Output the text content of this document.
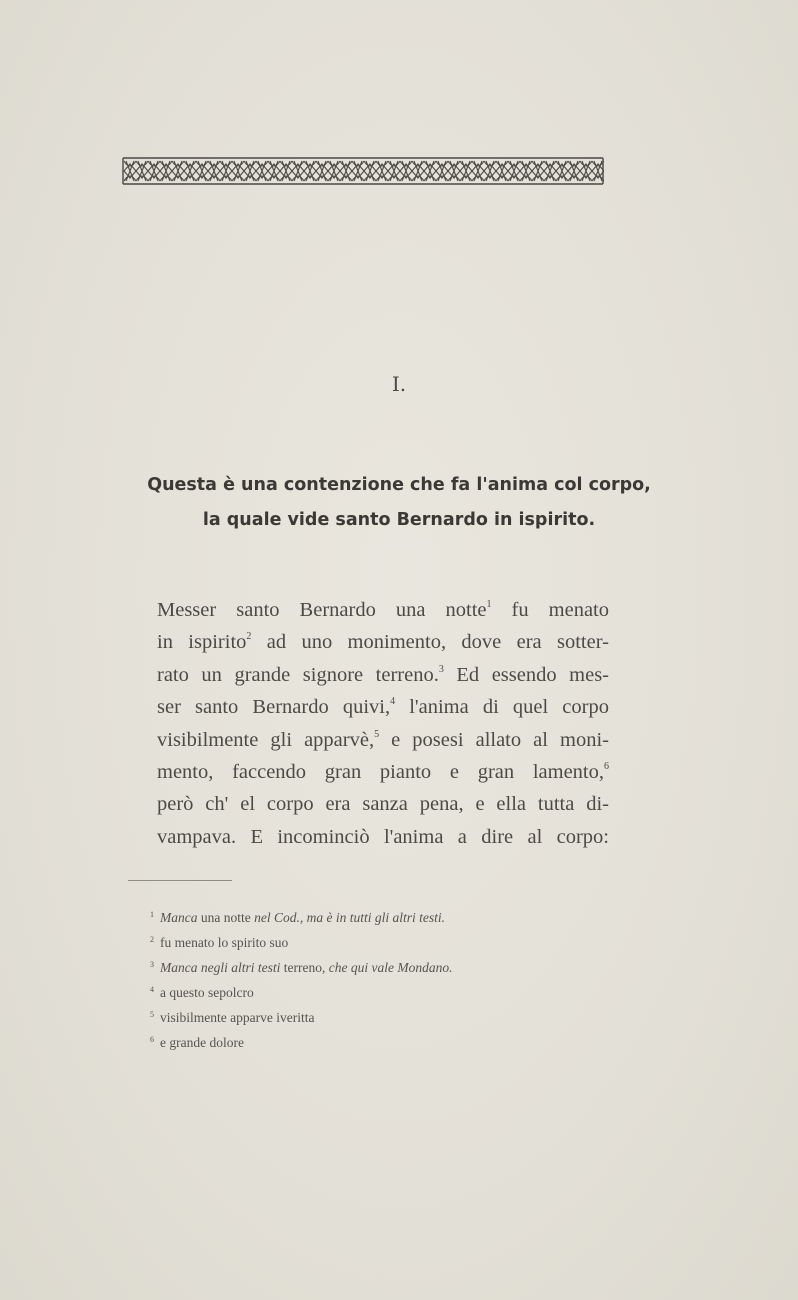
I.
Questa è una contenzione che fa l'anima col corpo,
la quale vide santo Bernardo in ispirito.
Messer santo Bernardo una notte$^1$ fu menato
in ispirito$^2$ ad uno monimento, dove era sotter-
rato un grande signore terreno.$^3$ Ed essendo mes-
ser santo Bernardo quivi,$^4$ l'anima di quel corpo
visibilmente gli apparvè,$^5$ e posesi allato al moni-
mento, faccendo gran pianto e gran lamento,$^6$
però ch' el corpo era sanza pena, e ella tutta di-
vampava. E incominciò l'anima a dire al corpo:
$^1$ Manca una notte nel Cod., ma è in tutti gli altri testi.
$^2$ fu menato lo spirito suo
$^3$ Manca negli altri testi terreno, che qui vale Mondano.
$^4$ a questo sepolcro
$^5$ visibilmente apparve iveritta
$^6$ e grande dolore
